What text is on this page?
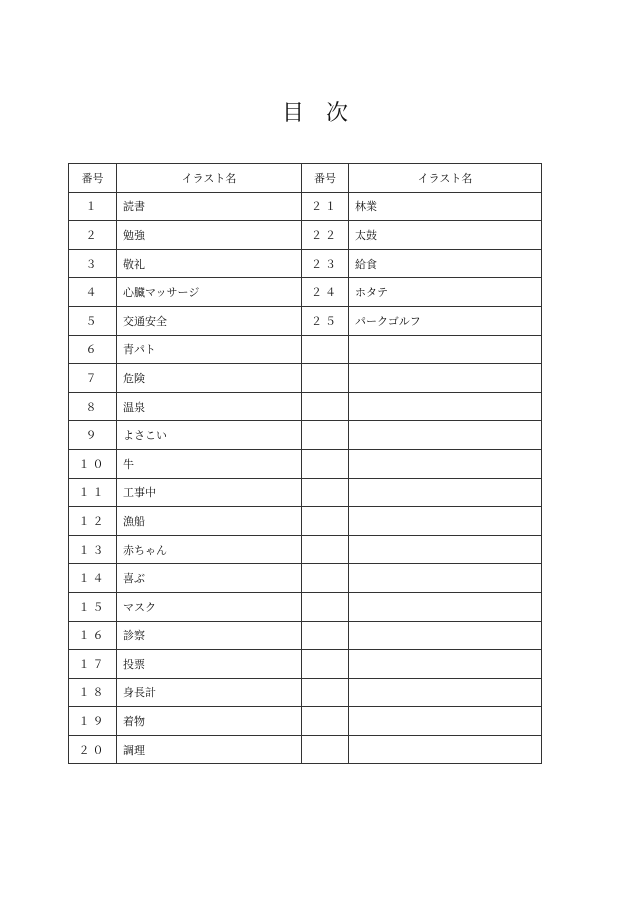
目 次
番号	イラスト名	番号	イラスト名
１	読書	２１	林業
２	勉強	２２	太鼓
３	敬礼	２３	給食
４	心臓マッサージ	２４	ホタテ
５	交通安全	２５	パークゴルフ
６	青パト		
７	危険		
８	温泉		
９	よさこい		
１０	牛		
１１	工事中		
１２	漁船		
１３	赤ちゃん		
１４	喜ぶ		
１５	マスク		
１６	診察		
１７	投票		
１８	身長計		
１９	着物		
２０	調理		
